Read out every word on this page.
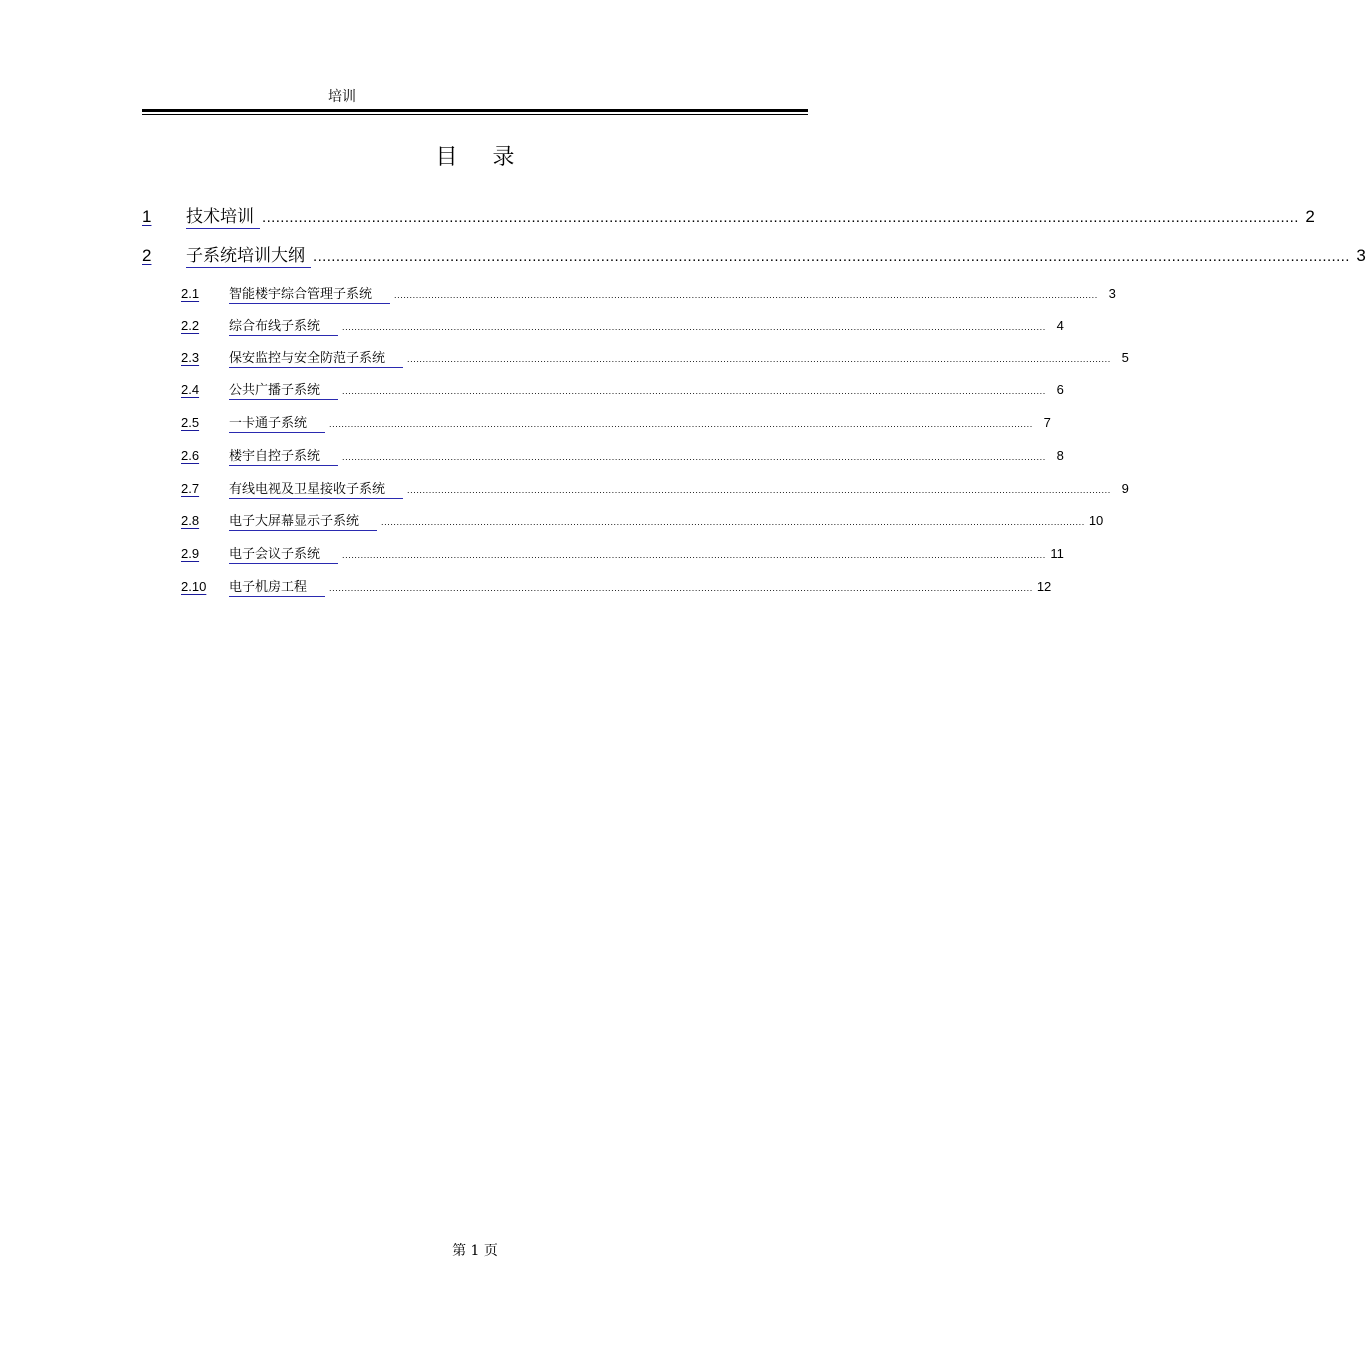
培训
目 录
1	技术培训 ................................................................................................................................................................................................................................... 2
2	子系统培训大纲 ................................................................................................................................................................................................................................... 3
2.1	智能楼宇综合管理子系统	................................................................................................................................................................................................................................... 3
2.2	综合布线子系统	................................................................................................................................................................................................................................... 4
2.3	保安监控与安全防范子系统	................................................................................................................................................................................................................................... 5
2.4	公共广播子系统	................................................................................................................................................................................................................................... 6
2.5	一卡通子系统	................................................................................................................................................................................................................................... 7
2.6	楼宇自控子系统	................................................................................................................................................................................................................................... 8
2.7	有线电视及卫星接收子系统	................................................................................................................................................................................................................................... 9
2.8	电子大屏幕显示子系统	................................................................................................................................................................................................................................... 10
2.9	电子会议子系统	................................................................................................................................................................................................................................... 11
2.10	电子机房工程	................................................................................................................................................................................................................................... 12
第 1 页
